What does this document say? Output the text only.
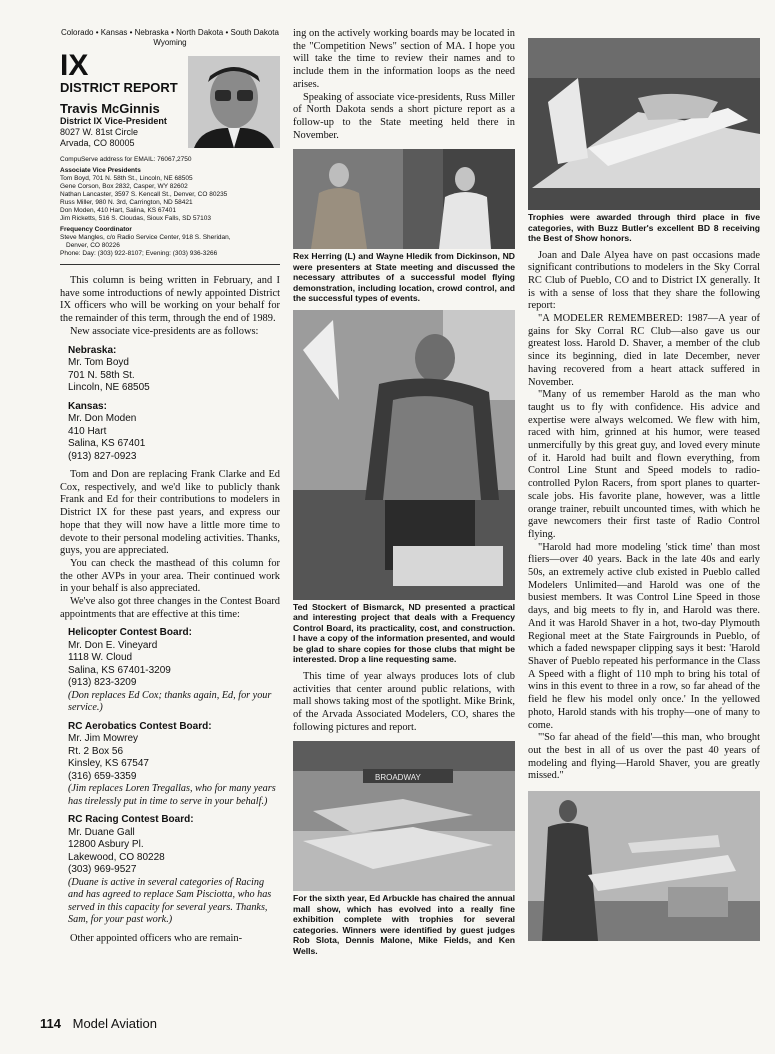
Colorado • Kansas • Nebraska • North Dakota • South Dakota
Wyoming
IX
DISTRICT REPORT
Travis McGinnis
District IX Vice-President
8027 W. 81st Circle
Arvada, CO 80005
CompuServe address for EMAIL: 76067,2750
Associate Vice Presidents
Tom Boyd, 701 N. 58th St., Lincoln, NE 68505
Gene Corson, Box 2832, Casper, WY 82602
Nathan Lancaster, 3597 S. Kencall St., Denver, CO 80235
Russ Miller, 980 N. 3rd, Carrington, ND 58421
Don Moden, 410 Hart, Salina, KS 67401
Jim Ricketts, 516 S. Cloudas, Sioux Falls, SD 57103
Frequency Coordinator
Steve Mangles, c/o Radio Service Center, 918 S. Sheridan,
Denver, CO 80226
Phone: Day: (303) 922-8107; Evening: (303) 936-3266

This column is being written in February, and I have some introductions of newly appointed District IX officers who will be working on your behalf for the remainder of this term, through the end of 1989.

New associate vice-presidents are as follows:

Nebraska:
Mr. Tom Boyd
701 N. 58th St.
Lincoln, NE 68505
Kansas:
Mr. Don Moden
410 Hart
Salina, KS 67401
(913) 827-0923

Tom and Don are replacing Frank Clarke and Ed Cox, respectively, and we'd like to publicly thank Frank and Ed for their contributions to modelers in District IX for these past years, and express our hope that they will now have a little more time to devote to their personal modeling activities. Thanks, guys, you are appreciated.

You can check the masthead of this column for the other AVPs in your area. Their continued work in your behalf is also appreciated.

We've also got three changes in the Contest Board appointments that are effective at this time:

Helicopter Contest Board:
Mr. Don E. Vineyard
1118 W. Cloud
Salina, KS 67401-3209
(913) 823-3209
(Don replaces Ed Cox; thanks again, Ed, for your service.)
RC Aerobatics Contest Board:
Mr. Jim Mowrey
Rt. 2 Box 56
Kinsley, KS 67547
(316) 659-3359
(Jim replaces Loren Tregallas, who for many years has tirelessly put in time to serve in your behalf.)
RC Racing Contest Board:
Mr. Duane Gall
12800 Asbury Pl.
Lakewood, CO 80228
(303) 969-9527
(Duane is active in several categories of Racing and has agreed to replace Sam Pisciotta, who has served in this capacity for several years. Thanks, Sam, for your past work.)

Other appointed officers who are remain-

ing on the actively working boards may be located in the "Competition News" section of MA. I hope you will take the time to review their names and to include them in the information loops as the need arises.

Speaking of associate vice-presidents, Russ Miller of North Dakota sends a short picture report as a follow-up to the State meeting held there in November.

Rex Herring (L) and Wayne Hledik from Dickinson, ND were presenters at State meeting and discussed the necessary attributes of a successful model flying demonstration, including location, crowd control, and the successful types of events.
Ted Stockert of Bismarck, ND presented a practical and interesting project that deals with a Frequency Control Board, its practicality, cost, and construction. I have a copy of the information presented, and would be glad to share copies for those clubs that might be interested. Drop a line requesting same.

This time of year always produces lots of club activities that center around public relations, with mall shows taking most of the spotlight. Mike Brink, of the Arvada Associated Modelers, CO, shares the following pictures and report.

BROADWAY
For the sixth year, Ed Arbuckle has chaired the annual mall show, which has evolved into a really fine exhibition complete with trophies for several categories. Winners were identified by guest judges Rob Slota, Dennis Malone, Mike Fields, and Ken Wells.
Trophies were awarded through third place in five categories, with Buzz Butler's excellent BD 8 receiving the Best of Show honors.

Joan and Dale Alyea have on past occasions made significant contributions to modelers in the Sky Corral RC Club of Pueblo, CO and to District IX generally. It is with a sense of loss that they share the following report:

"A MODELER REMEMBERED: 1987—A year of gains for Sky Corral RC Club—also gave us our greatest loss. Harold D. Shaver, a member of the club since its beginning, died in late December, never having recovered from a heart attack suffered in November.

"Many of us remember Harold as the man who taught us to fly with confidence. His advice and expertise were always welcomed. We flew with him, raced with him, grinned at his humor, were teased unmercifully by this great guy, and loved every minute of it. Harold had built and flown everything, from Control Line Stunt and Speed models to radio-controlled Pylon Racers, from sport planes to quarter-scale jobs. His favorite plane, however, was a little orange trainer, rebuilt uncounted times, with which he gave newcomers their first taste of Radio Control flying.

"Harold had more modeling 'stick time' than most fliers—over 40 years. Back in the late 40s and early 50s, an extremely active club existed in Pueblo called Modelers Unlimited—and Harold was one of the busiest members. It was Control Line Speed in those days, and big meets to fly in, and Harold was there. And it was Harold Shaver in a hot, two-day Plymouth Regional meet at the State Fairgrounds in Pueblo, of which a faded newspaper clipping says it best: 'Harold Shaver of Pueblo repeated his performance in the Class A Speed with a flight of 110 mph to bring his total of wins in this event to three in a row, so far ahead of the field he flew his model only once.' In the yellowed photo, Harold stands with his trophy—one of many to come.

"'So far ahead of the field'—this man, who brought out the best in all of us over the past 40 years of modeling and flying—Harold Shaver, you are greatly missed."

114 Model Aviation
